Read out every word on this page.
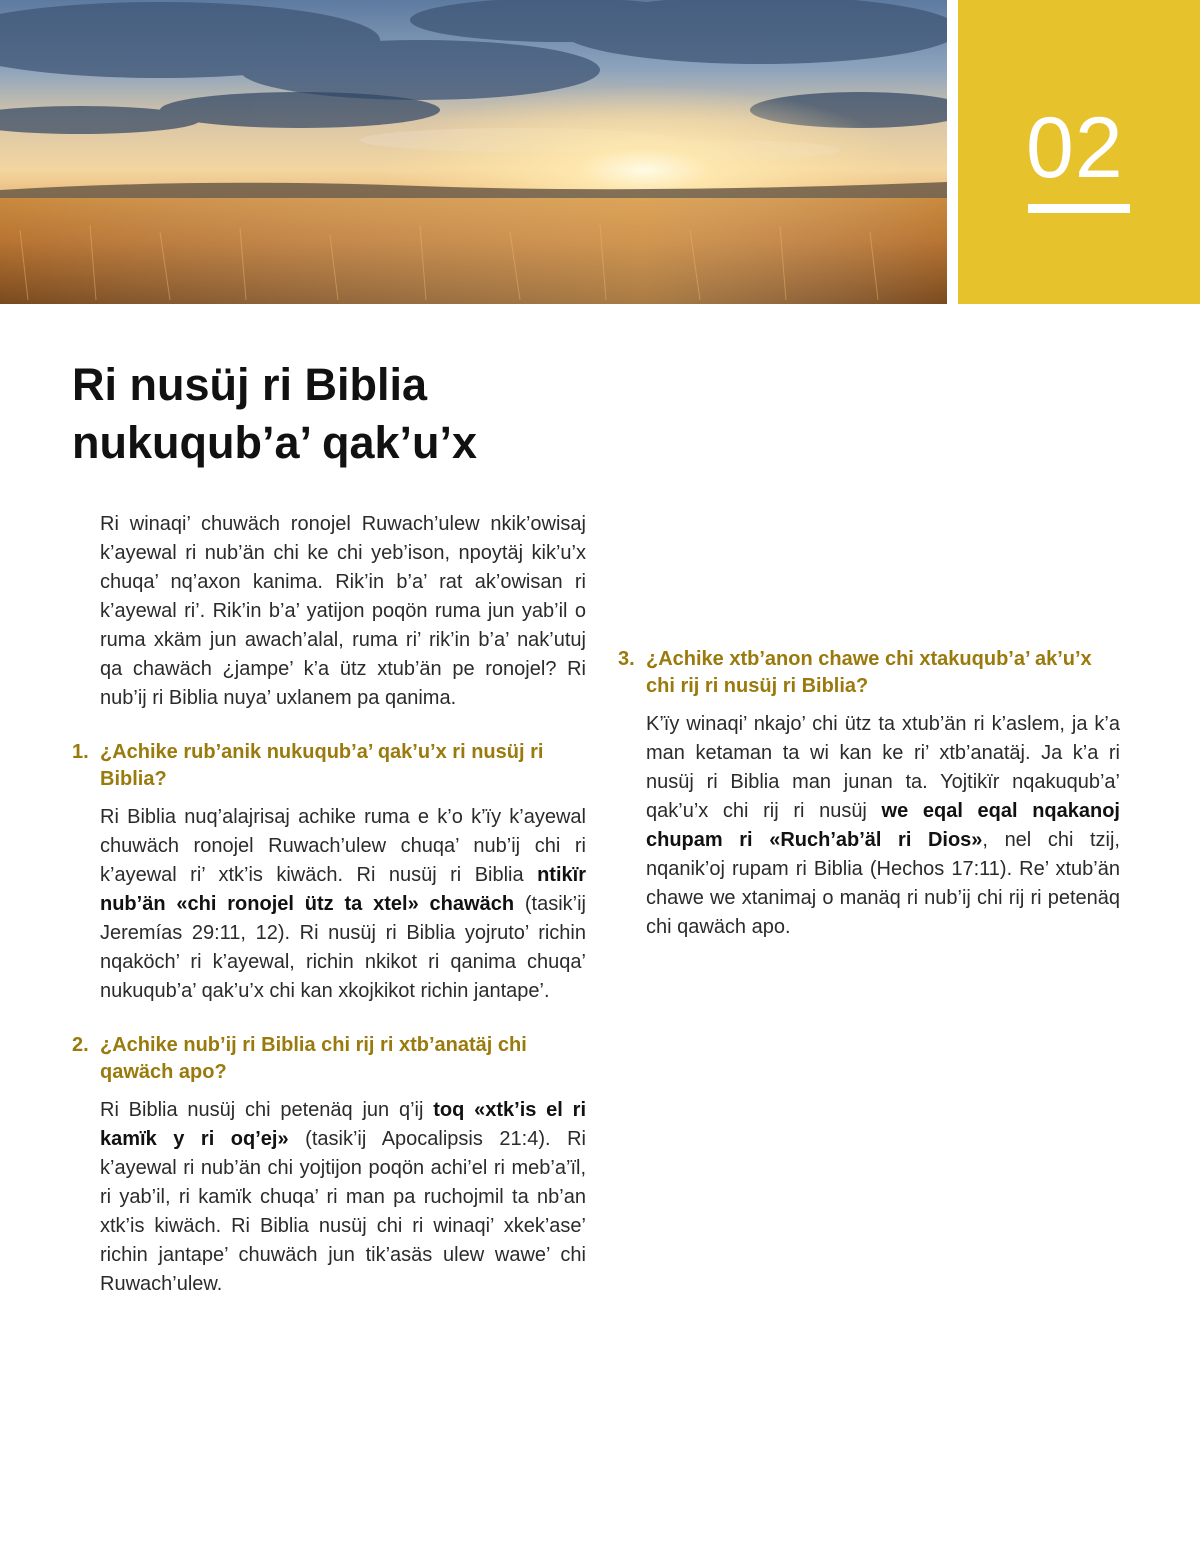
02
Ri nusüj ri Biblia
nukuqub’a’ qak’u’x

Ri winaqi’ chuwäch ronojel Ruwach’ulew nkik’owisaj k’ayewal ri nub’än chi ke chi yeb’ison, npoytäj kik’u’x chuqa’ nq’axon kanima. Rik’in b’a’ rat ak’owisan ri k’ayewal ri’. Rik’in b’a’ yatijon poqön ruma jun yab’il o ruma xkäm jun awach’alal, ruma ri’ rik’in b’a’ nak’utuj qa chawäch ¿jampe’ k’a ütz xtub’än pe ronojel? Ri nub’ij ri Biblia nuya’ uxlanem pa qanima.

1. ¿Achike rub’anik nukuqub’a’ qak’u’x ri nusüj ri Biblia?

Ri Biblia nuq’alajrisaj achike ruma e k’o k’ïy k’ayewal chuwäch ronojel Ruwach’ulew chuqa’ nub’ij chi ri k’ayewal ri’ xtk’is kiwäch. Ri nusüj ri Biblia ntikïr nub’än «chi ronojel ütz ta xtel» chawäch (tasik’ij Jeremías 29:11, 12). Ri nusüj ri Biblia yojruto’ richin nqaköch’ ri k’ayewal, richin nkikot ri qanima chuqa’ nukuqub’a’ qak’u’x chi kan xkojkikot richin jantape’.

2. ¿Achike nub’ij ri Biblia chi rij ri xtb’anatäj chi qawäch apo?

Ri Biblia nusüj chi petenäq jun q’ij toq «xtk’is el ri kamïk y ri oq’ej» (tasik’ij Apocalipsis 21:4). Ri k’ayewal ri nub’än chi yojtijon poqön achi’el ri meb’a’ïl, ri yab’il, ri kamïk chuqa’ ri man pa ruchojmil ta nb’an xtk’is kiwäch. Ri Biblia nusüj chi ri winaqi’ xkek’ase’ richin jantape’ chuwäch jun tik’asäs ulew wawe’ chi Ruwach’ulew.

3. ¿Achike xtb’anon chawe chi xtakuqub’a’ ak’u’x chi rij ri nusüj ri Biblia?

K’ïy winaqi’ nkajo’ chi ütz ta xtub’än ri k’aslem, ja k’a man ketaman ta wi kan ke ri’ xtb’anatäj. Ja k’a ri nusüj ri Biblia man junan ta. Yojtikïr nqakuqub’a’ qak’u’x chi rij ri nusüj we eqal eqal nqakanoj chupam ri «Ruch’ab’äl ri Dios», nel chi tzij, nqanik’oj rupam ri Biblia (Hechos 17:11). Re’ xtub’än chawe we xtanimaj o manäq ri nub’ij chi rij ri petenäq chi qawäch apo.
